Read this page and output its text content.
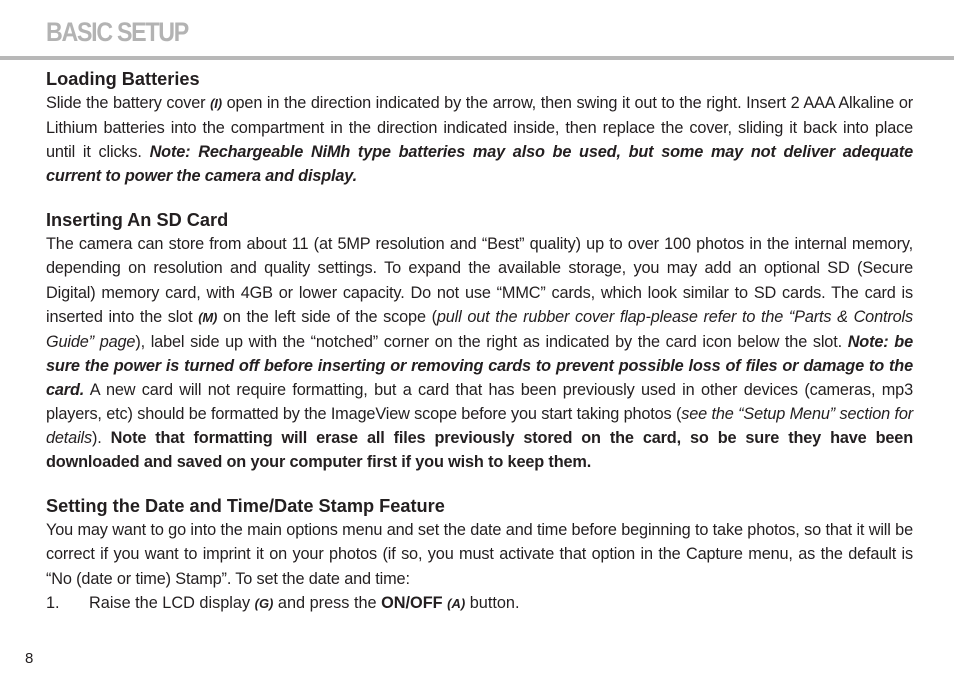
BASIC SETUP
Loading Batteries

Slide the battery cover (I) open in the direction indicated by the arrow, then swing it out to the right. Insert 2 AAA Alkaline or Lithium batteries into the compartment in the direction indicated inside, then replace the cover, sliding it back into place until it clicks. Note: Rechargeable NiMh type batteries may also be used, but some may not deliver adequate current to power the camera and display.

Inserting An SD Card

The camera can store from about 11 (at 5MP resolution and “Best” quality) up to over 100 photos in the internal memory, depending on resolution and quality settings. To expand the available storage, you may add an optional SD (Secure Digital) memory card, with 4GB or lower capacity. Do not use “MMC” cards, which look similar to SD cards. The card is inserted into the slot (M) on the left side of the scope (pull out the rubber cover flap-please refer to the “Parts & Controls Guide” page), label side up with the “notched” corner on the right as indicated by the card icon below the slot. Note: be sure the power is turned off before inserting or removing cards to prevent possible loss of files or damage to the card. A new card will not require formatting, but a card that has been previously used in other devices (cameras, mp3 players, etc) should be formatted by the ImageView scope before you start taking photos (see the “Setup Menu” section for details). Note that formatting will erase all files previously stored on the card, so be sure they have been downloaded and saved on your computer first if you wish to keep them.

Setting the Date and Time/Date Stamp Feature

You may want to go into the main options menu and set the date and time before beginning to take photos, so that it will be correct if you want to imprint it on your photos (if so, you must activate that option in the Capture menu, as the default is “No (date or time) Stamp”. To set the date and time:

1.	Raise the LCD display (G) and press the ON/OFF (A) button.
8
